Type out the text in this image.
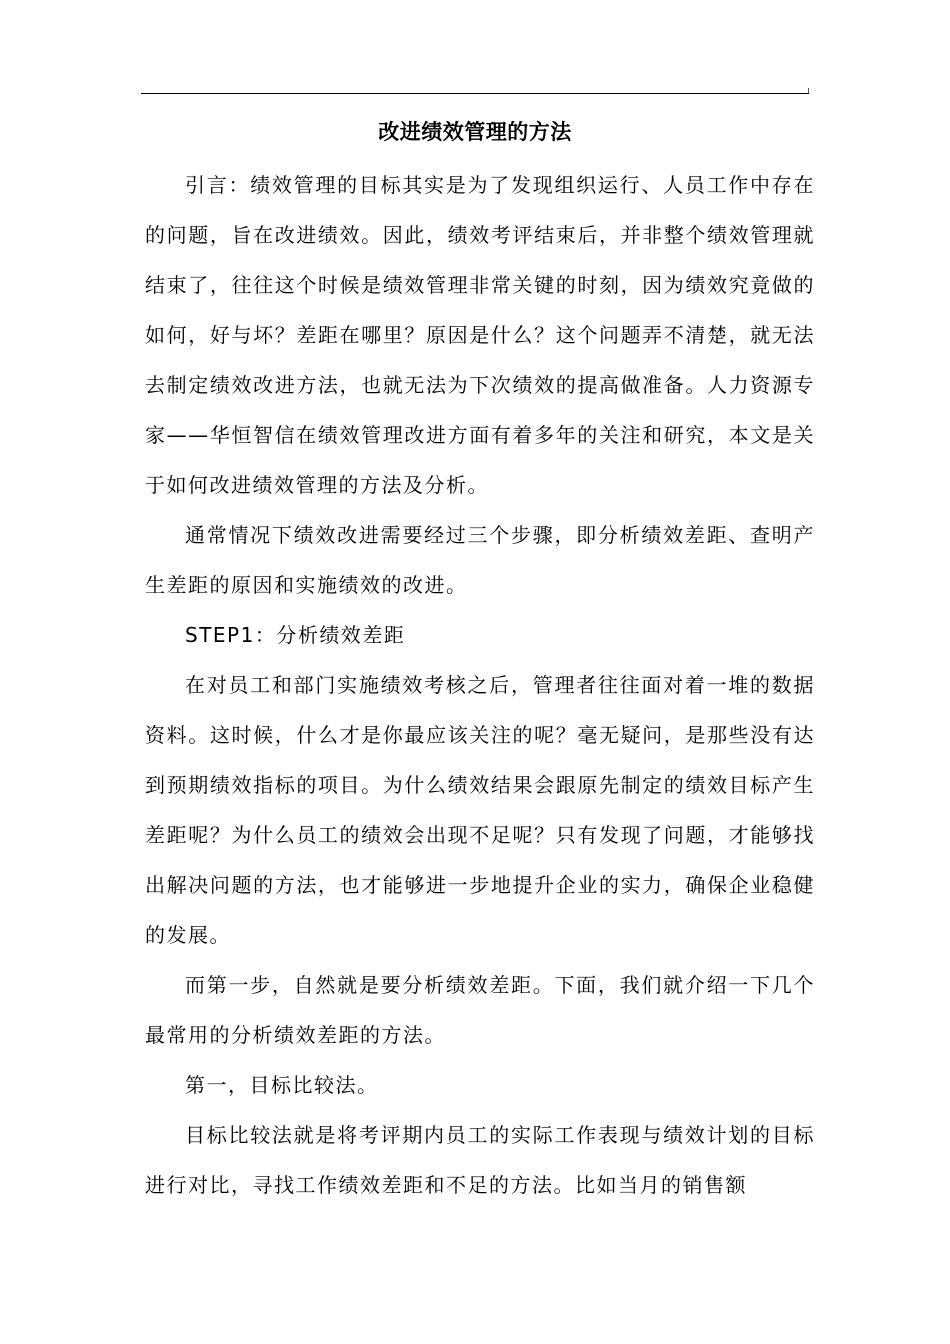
改进绩效管理的方法

引言：绩效管理的目标其实是为了发现组织运行、人员工作中存在的问题，旨在改进绩效。因此，绩效考评结束后，并非整个绩效管理就结束了，往往这个时候是绩效管理非常关键的时刻，因为绩效究竟做的如何，好与坏？差距在哪里？原因是什么？这个问题弄不清楚，就无法去制定绩效改进方法，也就无法为下次绩效的提高做准备。人力资源专家——华恒智信在绩效管理改进方面有着多年的关注和研究，本文是关于如何改进绩效管理的方法及分析。

通常情况下绩效改进需要经过三个步骤，即分析绩效差距、查明产生差距的原因和实施绩效的改进。

STEP1：分析绩效差距

在对员工和部门实施绩效考核之后，管理者往往面对着一堆的数据资料。这时候，什么才是你最应该关注的呢？毫无疑问，是那些没有达到预期绩效指标的项目。为什么绩效结果会跟原先制定的绩效目标产生差距呢？为什么员工的绩效会出现不足呢？只有发现了问题，才能够找出解决问题的方法，也才能够进一步地提升企业的实力，确保企业稳健的发展。

而第一步，自然就是要分析绩效差距。下面，我们就介绍一下几个最常用的分析绩效差距的方法。

第一，目标比较法。

目标比较法就是将考评期内员工的实际工作表现与绩效计划的目标进行对比，寻找工作绩效差距和不足的方法。比如当月的销售额
